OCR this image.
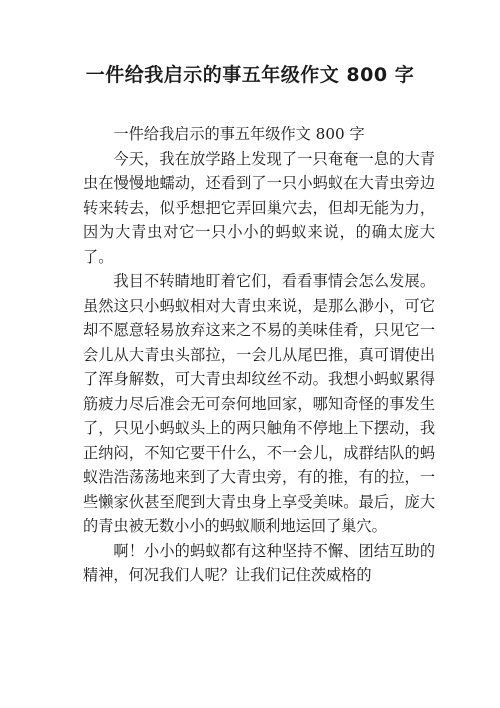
一件给我启示的事五年级作文 800 字

一件给我启示的事五年级作文 800 字

今天，我在放学路上发现了一只奄奄一息的大青虫在慢慢地蠕动，还看到了一只小蚂蚁在大青虫旁边转来转去，似乎想把它弄回巢穴去，但却无能为力，因为大青虫对它一只小小的蚂蚁来说，的确太庞大了。

我目不转睛地盯着它们，看看事情会怎么发展。虽然这只小蚂蚁相对大青虫来说，是那么渺小，可它却不愿意轻易放弃这来之不易的美味佳肴，只见它一会儿从大青虫头部拉，一会儿从尾巴推，真可谓使出了浑身解数，可大青虫却纹丝不动。我想小蚂蚁累得筋疲力尽后准会无可奈何地回家，哪知奇怪的事发生了，只见小蚂蚁头上的两只触角不停地上下摆动，我正纳闷，不知它要干什么，不一会儿，成群结队的蚂蚁浩浩荡荡地来到了大青虫旁，有的推，有的拉，一些懒家伙甚至爬到大青虫身上享受美味。最后，庞大的青虫被无数小小的蚂蚁顺利地运回了巢穴。

啊！小小的蚂蚁都有这种坚持不懈、团结互助的精神，何况我们人呢？让我们记住茨威格的
